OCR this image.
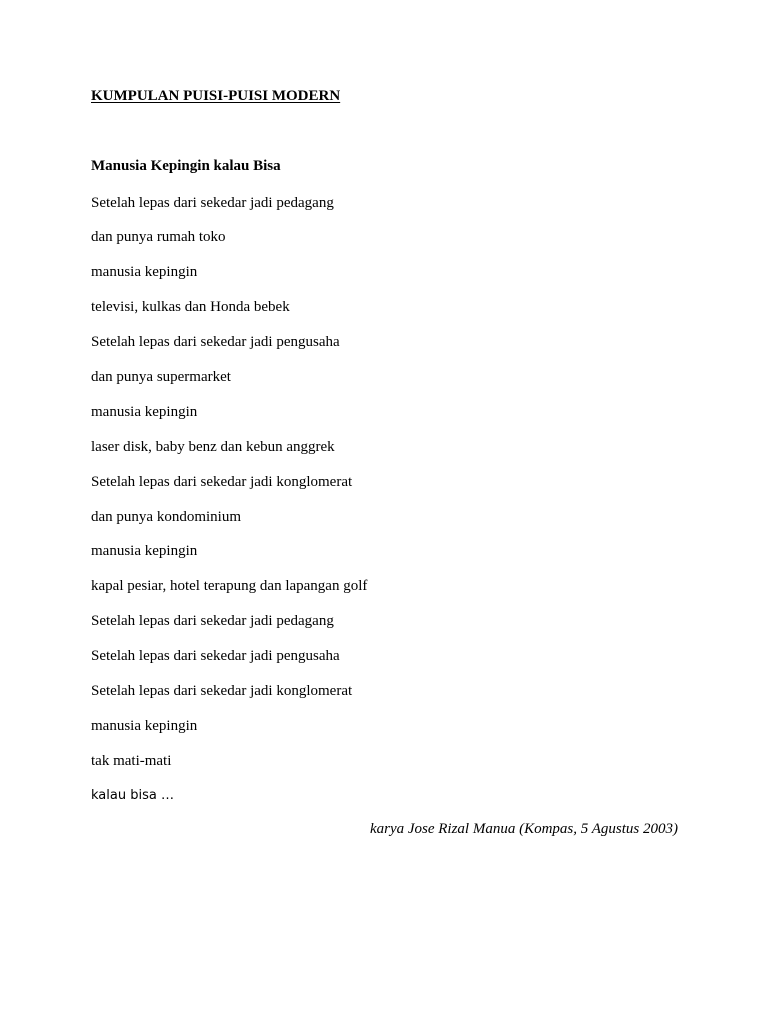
KUMPULAN PUISI-PUISI MODERN
Manusia Kepingin kalau Bisa
Setelah lepas dari sekedar jadi pedagang
dan punya rumah toko
manusia kepingin
televisi, kulkas dan Honda bebek
Setelah lepas dari sekedar jadi pengusaha
dan punya supermarket
manusia kepingin
laser disk, baby benz dan kebun anggrek
Setelah lepas dari sekedar jadi konglomerat
dan punya kondominium
manusia kepingin
kapal pesiar, hotel terapung dan lapangan golf
Setelah lepas dari sekedar jadi pedagang
Setelah lepas dari sekedar jadi pengusaha
Setelah lepas dari sekedar jadi konglomerat
manusia kepingin
tak mati-mati
kalau bisa …
karya Jose Rizal Manua (Kompas, 5 Agustus 2003)
